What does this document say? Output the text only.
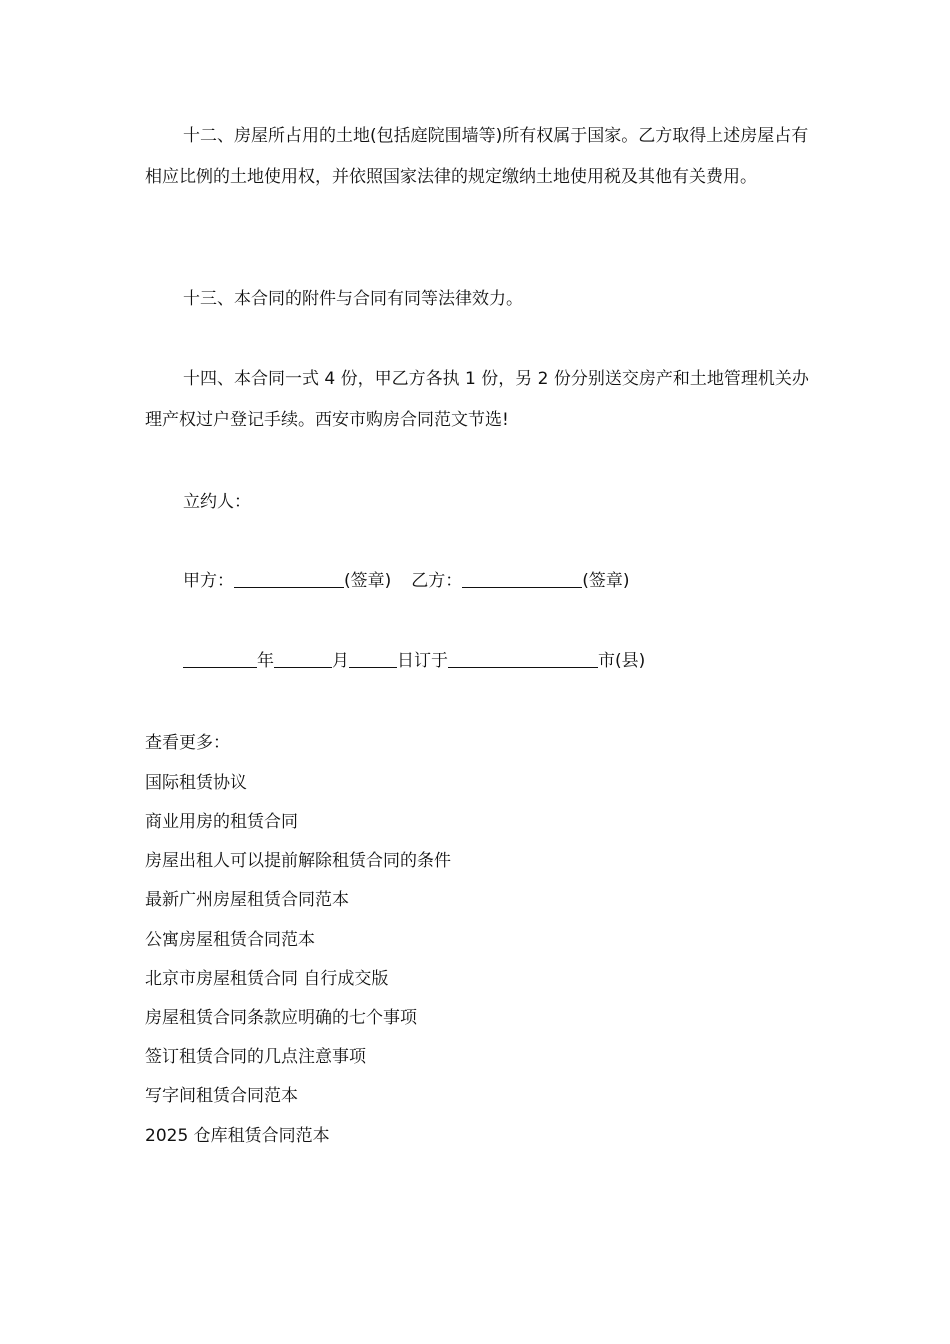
十二、房屋所占用的土地(包括庭院围墙等)所有权属于国家。乙方取得上述房屋占有相应比例的土地使用权，并依照国家法律的规定缴纳土地使用税及其他有关费用。

十三、本合同的附件与合同有同等法律效力。

十四、本合同一式 4 份，甲乙方各执 1 份，另 2 份分别送交房产和土地管理机关办理产权过户登记手续。西安市购房合同范文节选!

立约人：

甲方：	(签章) 乙方：	(签章)
年	月	日订于	市(县)

查看更多：

国际租赁协议

商业用房的租赁合同

房屋出租人可以提前解除租赁合同的条件

最新广州房屋租赁合同范本

公寓房屋租赁合同范本

北京市房屋租赁合同 自行成交版

房屋租赁合同条款应明确的七个事项

签订租赁合同的几点注意事项

写字间租赁合同范本

2025 仓库租赁合同范本
